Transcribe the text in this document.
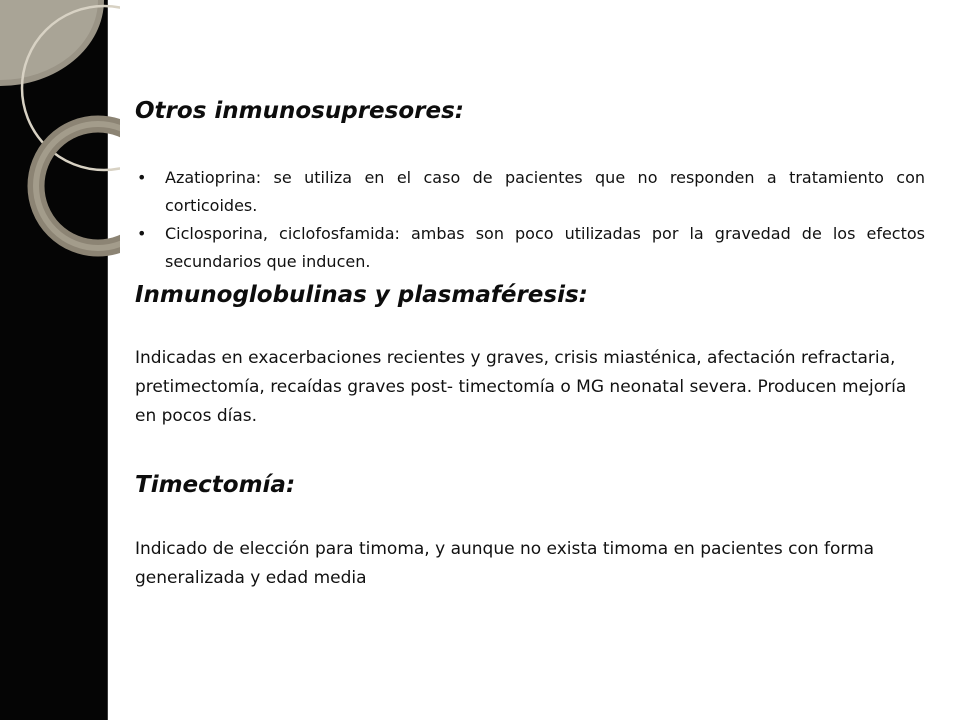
Otros inmunosupresores:
• Azatioprina: se utiliza en el caso de pacientes que no responden a tratamiento con corticoides.
• Ciclosporina, ciclofosfamida: ambas son poco utilizadas por la gravedad de los efectos secundarios que inducen.
Inmunoglobulinas y plasmaféresis:

Indicadas en exacerbaciones recientes y graves, crisis miasténica, afectación refractaria, pretimectomía, recaídas graves post- timectomía o MG neonatal severa. Producen mejoría en pocos días.

Timectomía:

Indicado de elección para timoma, y aunque no exista timoma en pacientes con forma generalizada y edad media
